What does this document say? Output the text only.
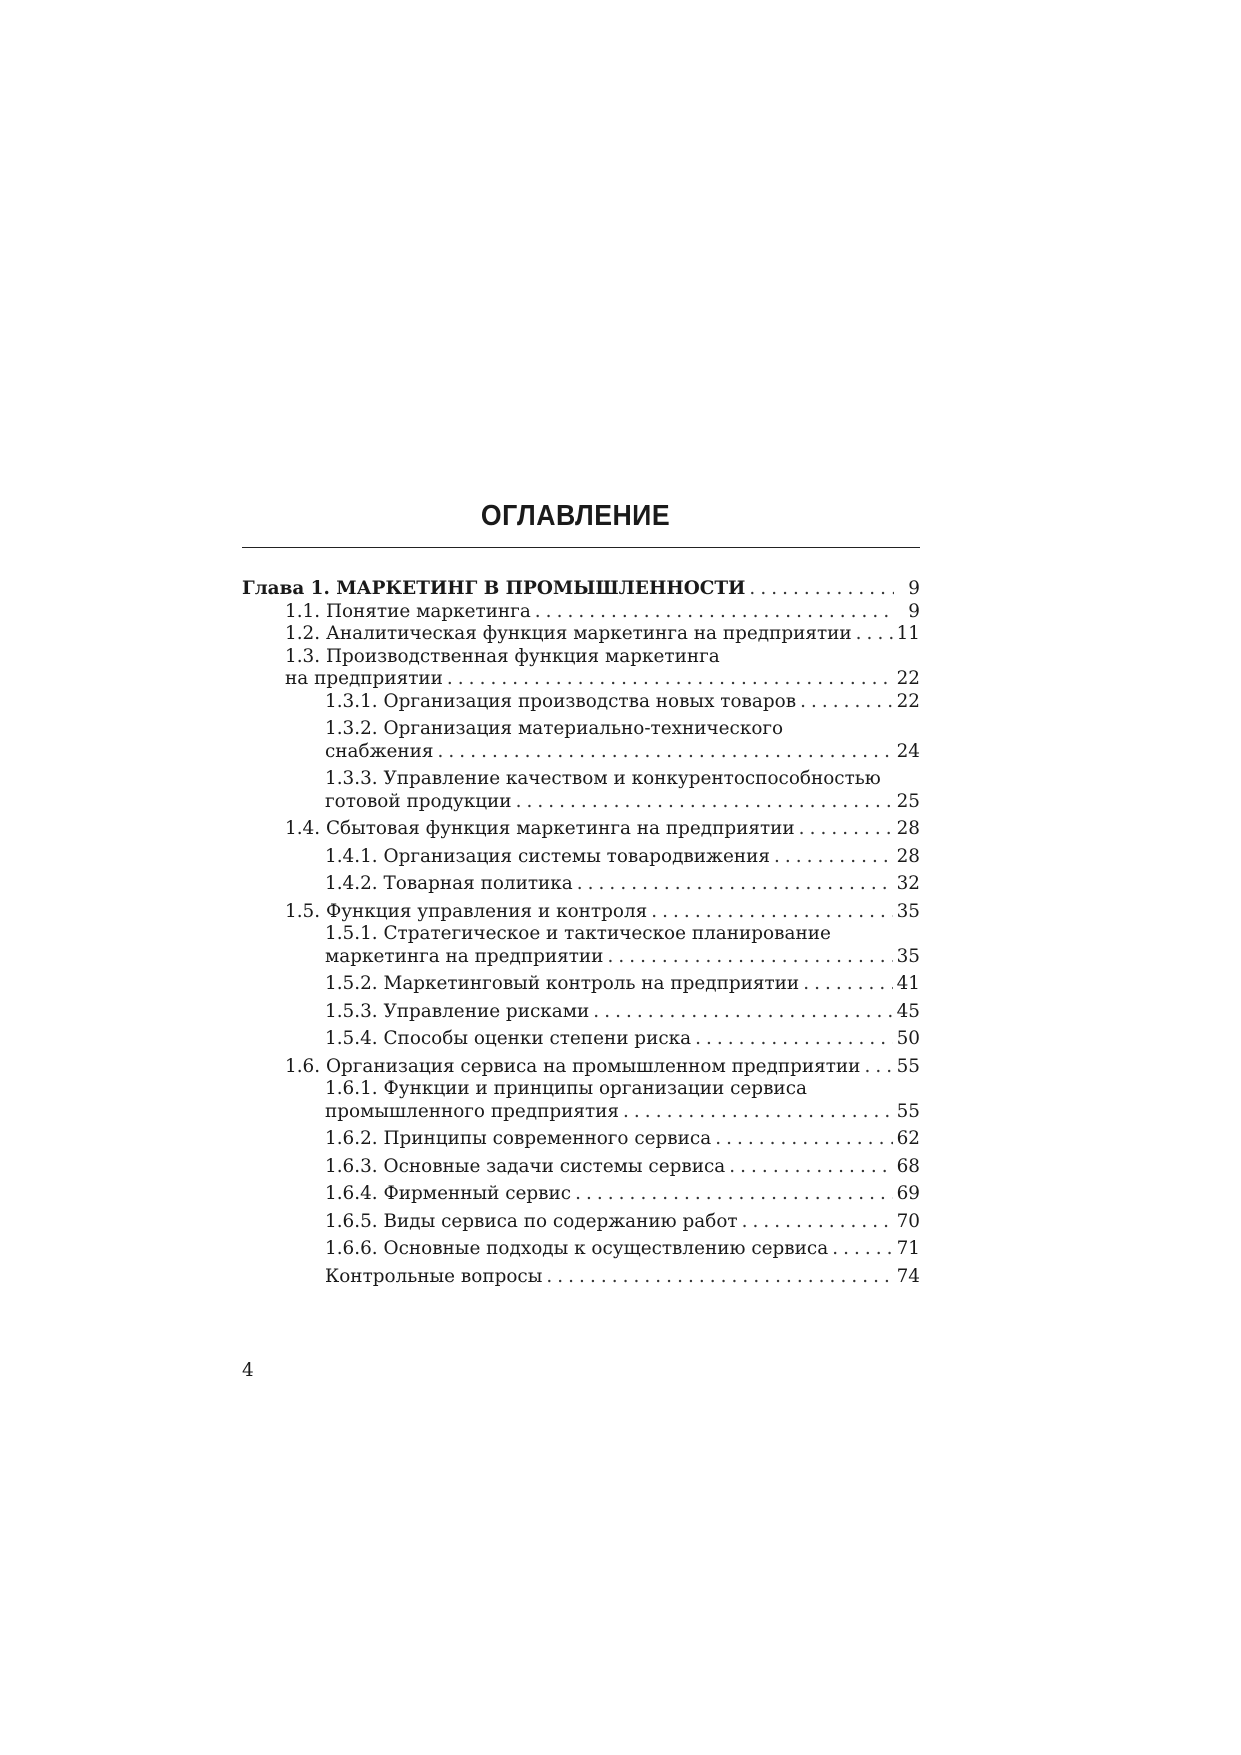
ОГЛАВЛЕНИЕ
Глава 1. МАРКЕТИНГ В ПРОМЫШЛЕННОСТИ . . .	9
1.1. Понятие маркетинга . . .	9
1.2. Аналитическая функция маркетинга на предприятии . . . 11
1.3. Производственная функция маркетинга
на предприятии . . .	22
1.3.1. Организация производства новых товаров . . .	22
1.3.2. Организация материально-технического
снабжения . . .	24
1.3.3. Управление качеством и конкурентоспособностью
готовой продукции . . .	25
1.4. Сбытовая функция маркетинга на предприятии . . .	28
1.4.1. Организация системы товародвижения . . .	28
1.4.2. Товарная политика . . .	32
1.5. Функция управления и контроля . . .	35
1.5.1. Стратегическое и тактическое планирование
маркетинга на предприятии . . .	35
1.5.2. Маркетинговый контроль на предприятии . . .	41
1.5.3. Управление рисками . . .	45
1.5.4. Способы оценки степени риска . . .	50
1.6. Организация сервиса на промышленном предприятии . . . 55
1.6.1. Функции и принципы организации сервиса
промышленного предприятия . . .	55
1.6.2. Принципы современного сервиса . . .	62
1.6.3. Основные задачи системы сервиса . . .	68
1.6.4. Фирменный сервис . . .	69
1.6.5. Виды сервиса по содержанию работ . . .	70
1.6.6. Основные подходы к осуществлению сервиса . . .	71
Контрольные вопросы . . .	74
4
